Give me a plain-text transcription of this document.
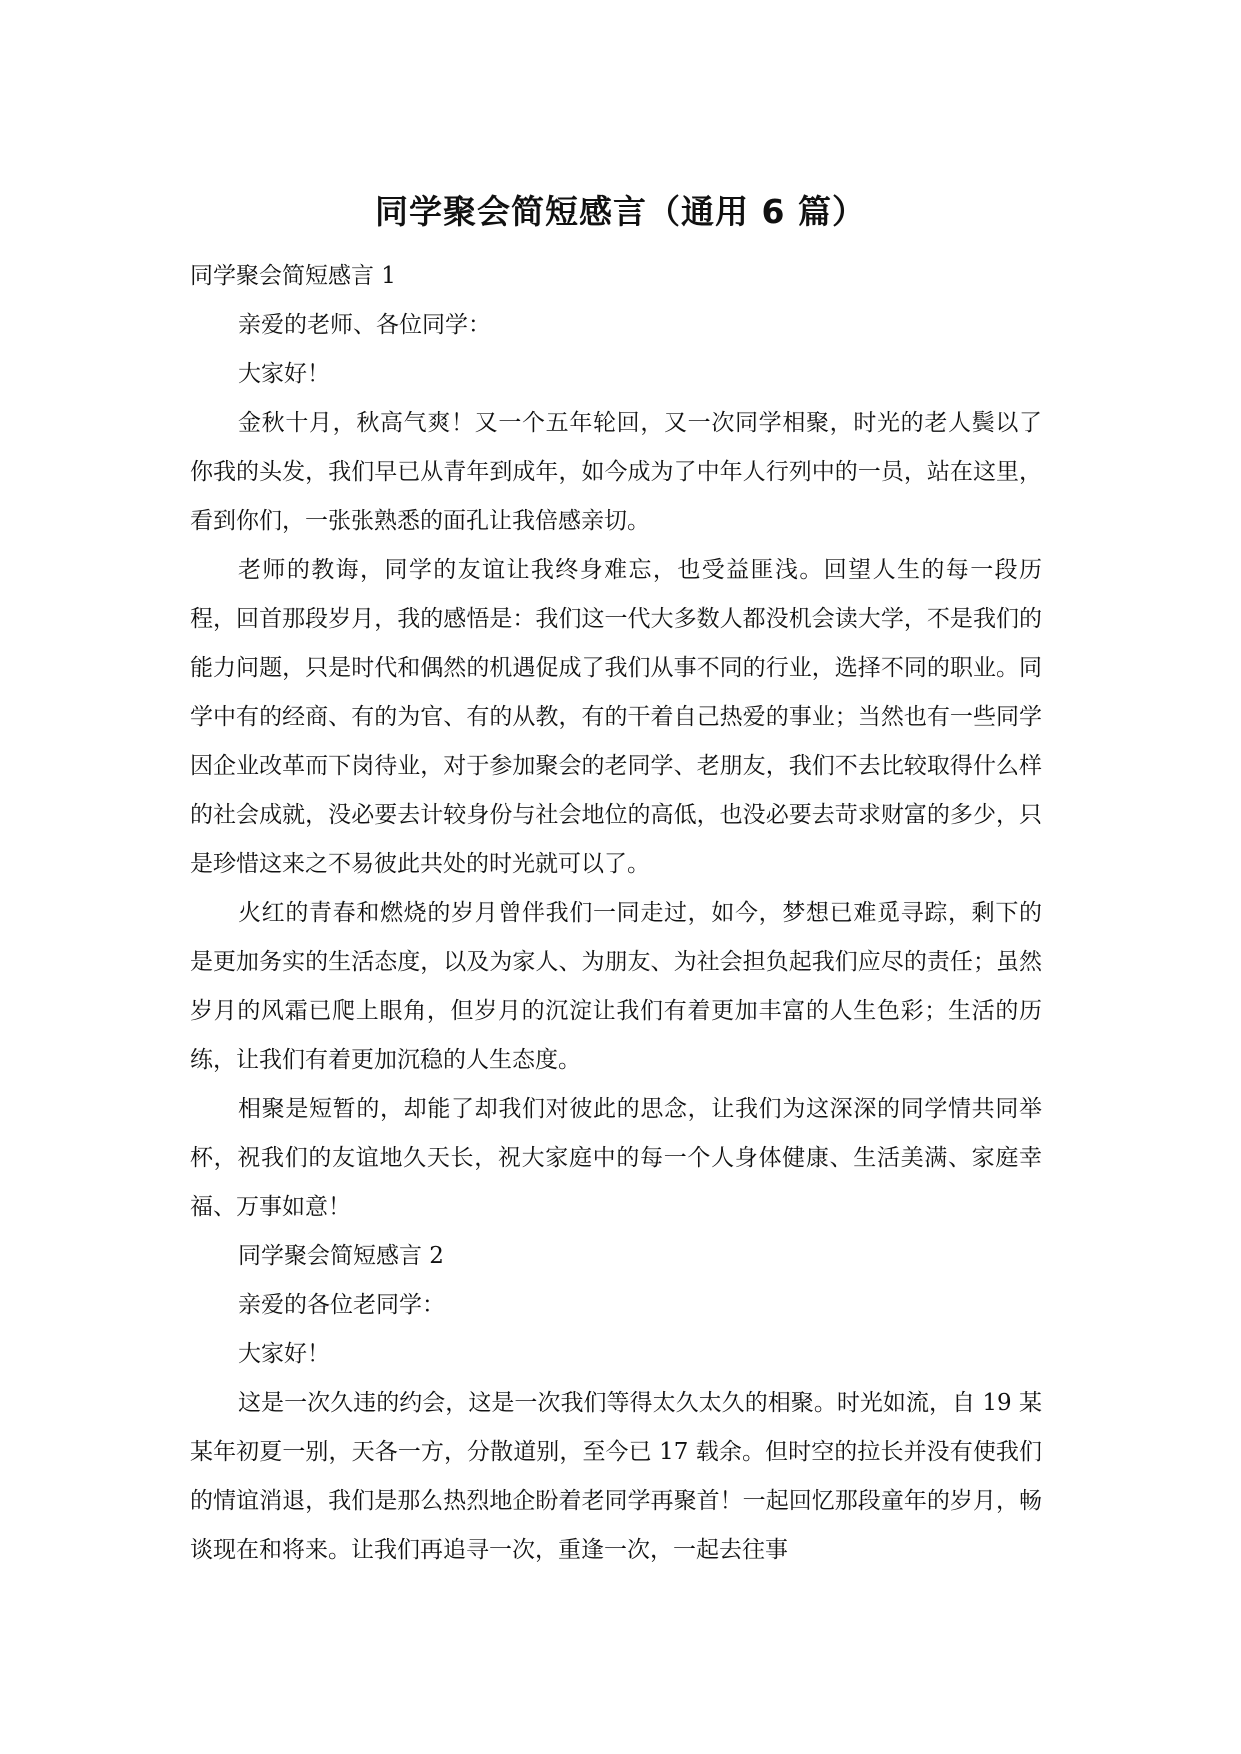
同学聚会简短感言（通用 6 篇）

同学聚会简短感言 1

亲爱的老师、各位同学：

大家好！

金秋十月，秋高气爽！又一个五年轮回，又一次同学相聚，时光的老人鬓以了你我的头发，我们早已从青年到成年，如今成为了中年人行列中的一员，站在这里，看到你们，一张张熟悉的面孔让我倍感亲切。

老师的教诲，同学的友谊让我终身难忘，也受益匪浅。回望人生的每一段历程，回首那段岁月，我的感悟是：我们这一代大多数人都没机会读大学，不是我们的能力问题，只是时代和偶然的机遇促成了我们从事不同的行业，选择不同的职业。同学中有的经商、有的为官、有的从教，有的干着自己热爱的事业；当然也有一些同学因企业改革而下岗待业，对于参加聚会的老同学、老朋友，我们不去比较取得什么样的社会成就，没必要去计较身份与社会地位的高低，也没必要去苛求财富的多少，只是珍惜这来之不易彼此共处的时光就可以了。

火红的青春和燃烧的岁月曾伴我们一同走过，如今，梦想已难觅寻踪，剩下的是更加务实的生活态度，以及为家人、为朋友、为社会担负起我们应尽的责任；虽然岁月的风霜已爬上眼角，但岁月的沉淀让我们有着更加丰富的人生色彩；生活的历练，让我们有着更加沉稳的人生态度。

相聚是短暂的，却能了却我们对彼此的思念，让我们为这深深的同学情共同举杯，祝我们的友谊地久天长，祝大家庭中的每一个人身体健康、生活美满、家庭幸福、万事如意！

同学聚会简短感言 2

亲爱的各位老同学：

大家好！

这是一次久违的约会，这是一次我们等得太久太久的相聚。时光如流，自 19 某某年初夏一别，天各一方，分散道别，至今已 17 载余。但时空的拉长并没有使我们的情谊消退，我们是那么热烈地企盼着老同学再聚首！一起回忆那段童年的岁月，畅谈现在和将来。让我们再追寻一次，重逢一次，一起去往事
